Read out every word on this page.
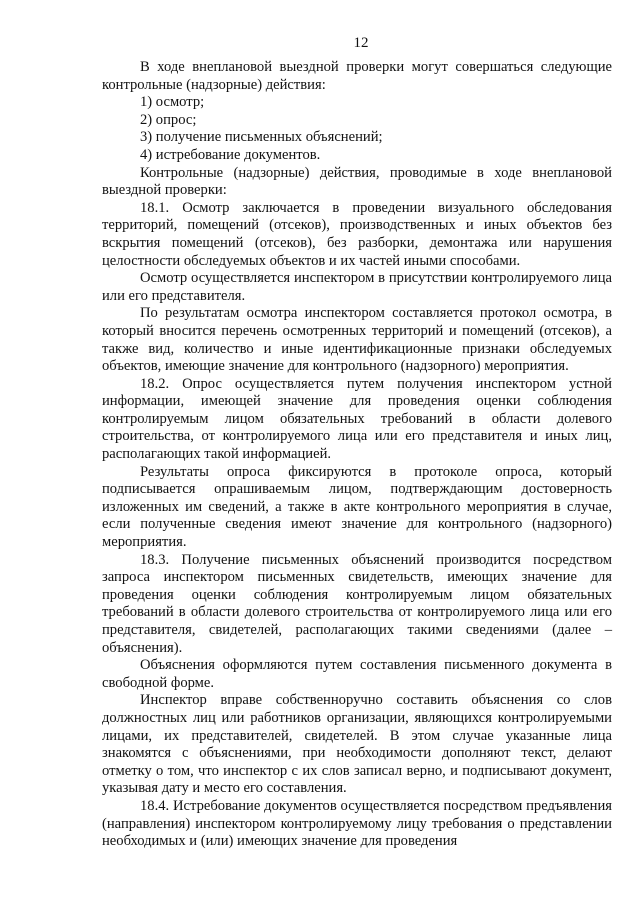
12

В ходе внеплановой выездной проверки могут совершаться следующие контрольные (надзорные) действия:

1) осмотр;

2) опрос;

3) получение письменных объяснений;

4) истребование документов.

Контрольные (надзорные) действия, проводимые в ходе внеплановой выездной проверки:

18.1. Осмотр заключается в проведении визуального обследования территорий, помещений (отсеков), производственных и иных объектов без вскрытия помещений (отсеков), без разборки, демонтажа или нарушения целостности обследуемых объектов и их частей иными способами.

Осмотр осуществляется инспектором в присутствии контролируемого лица или его представителя.

По результатам осмотра инспектором составляется протокол осмотра, в который вносится перечень осмотренных территорий и помещений (отсеков), а также вид, количество и иные идентификационные признаки обследуемых объектов, имеющие значение для контрольного (надзорного) мероприятия.

18.2. Опрос осуществляется путем получения инспектором устной информации, имеющей значение для проведения оценки соблюдения контролируемым лицом обязательных требований в области долевого строительства, от контролируемого лица или его представителя и иных лиц, располагающих такой информацией.

Результаты опроса фиксируются в протоколе опроса, который подписывается опрашиваемым лицом, подтверждающим достоверность изложенных им сведений, а также в акте контрольного мероприятия в случае, если полученные сведения имеют значение для контрольного (надзорного) мероприятия.

18.3. Получение письменных объяснений производится посредством запроса инспектором письменных свидетельств, имеющих значение для проведения оценки соблюдения контролируемым лицом обязательных требований в области долевого строительства от контролируемого лица или его представителя, свидетелей, располагающих такими сведениями (далее – объяснения).

Объяснения оформляются путем составления письменного документа в свободной форме.

Инспектор вправе собственноручно составить объяснения со слов должностных лиц или работников организации, являющихся контролируемыми лицами, их представителей, свидетелей. В этом случае указанные лица знакомятся с объяснениями, при необходимости дополняют текст, делают отметку о том, что инспектор с их слов записал верно, и подписывают документ, указывая дату и место его составления.

18.4. Истребование документов осуществляется посредством предъявления (направления) инспектором контролируемому лицу требования о представлении необходимых и (или) имеющих значение для проведения
